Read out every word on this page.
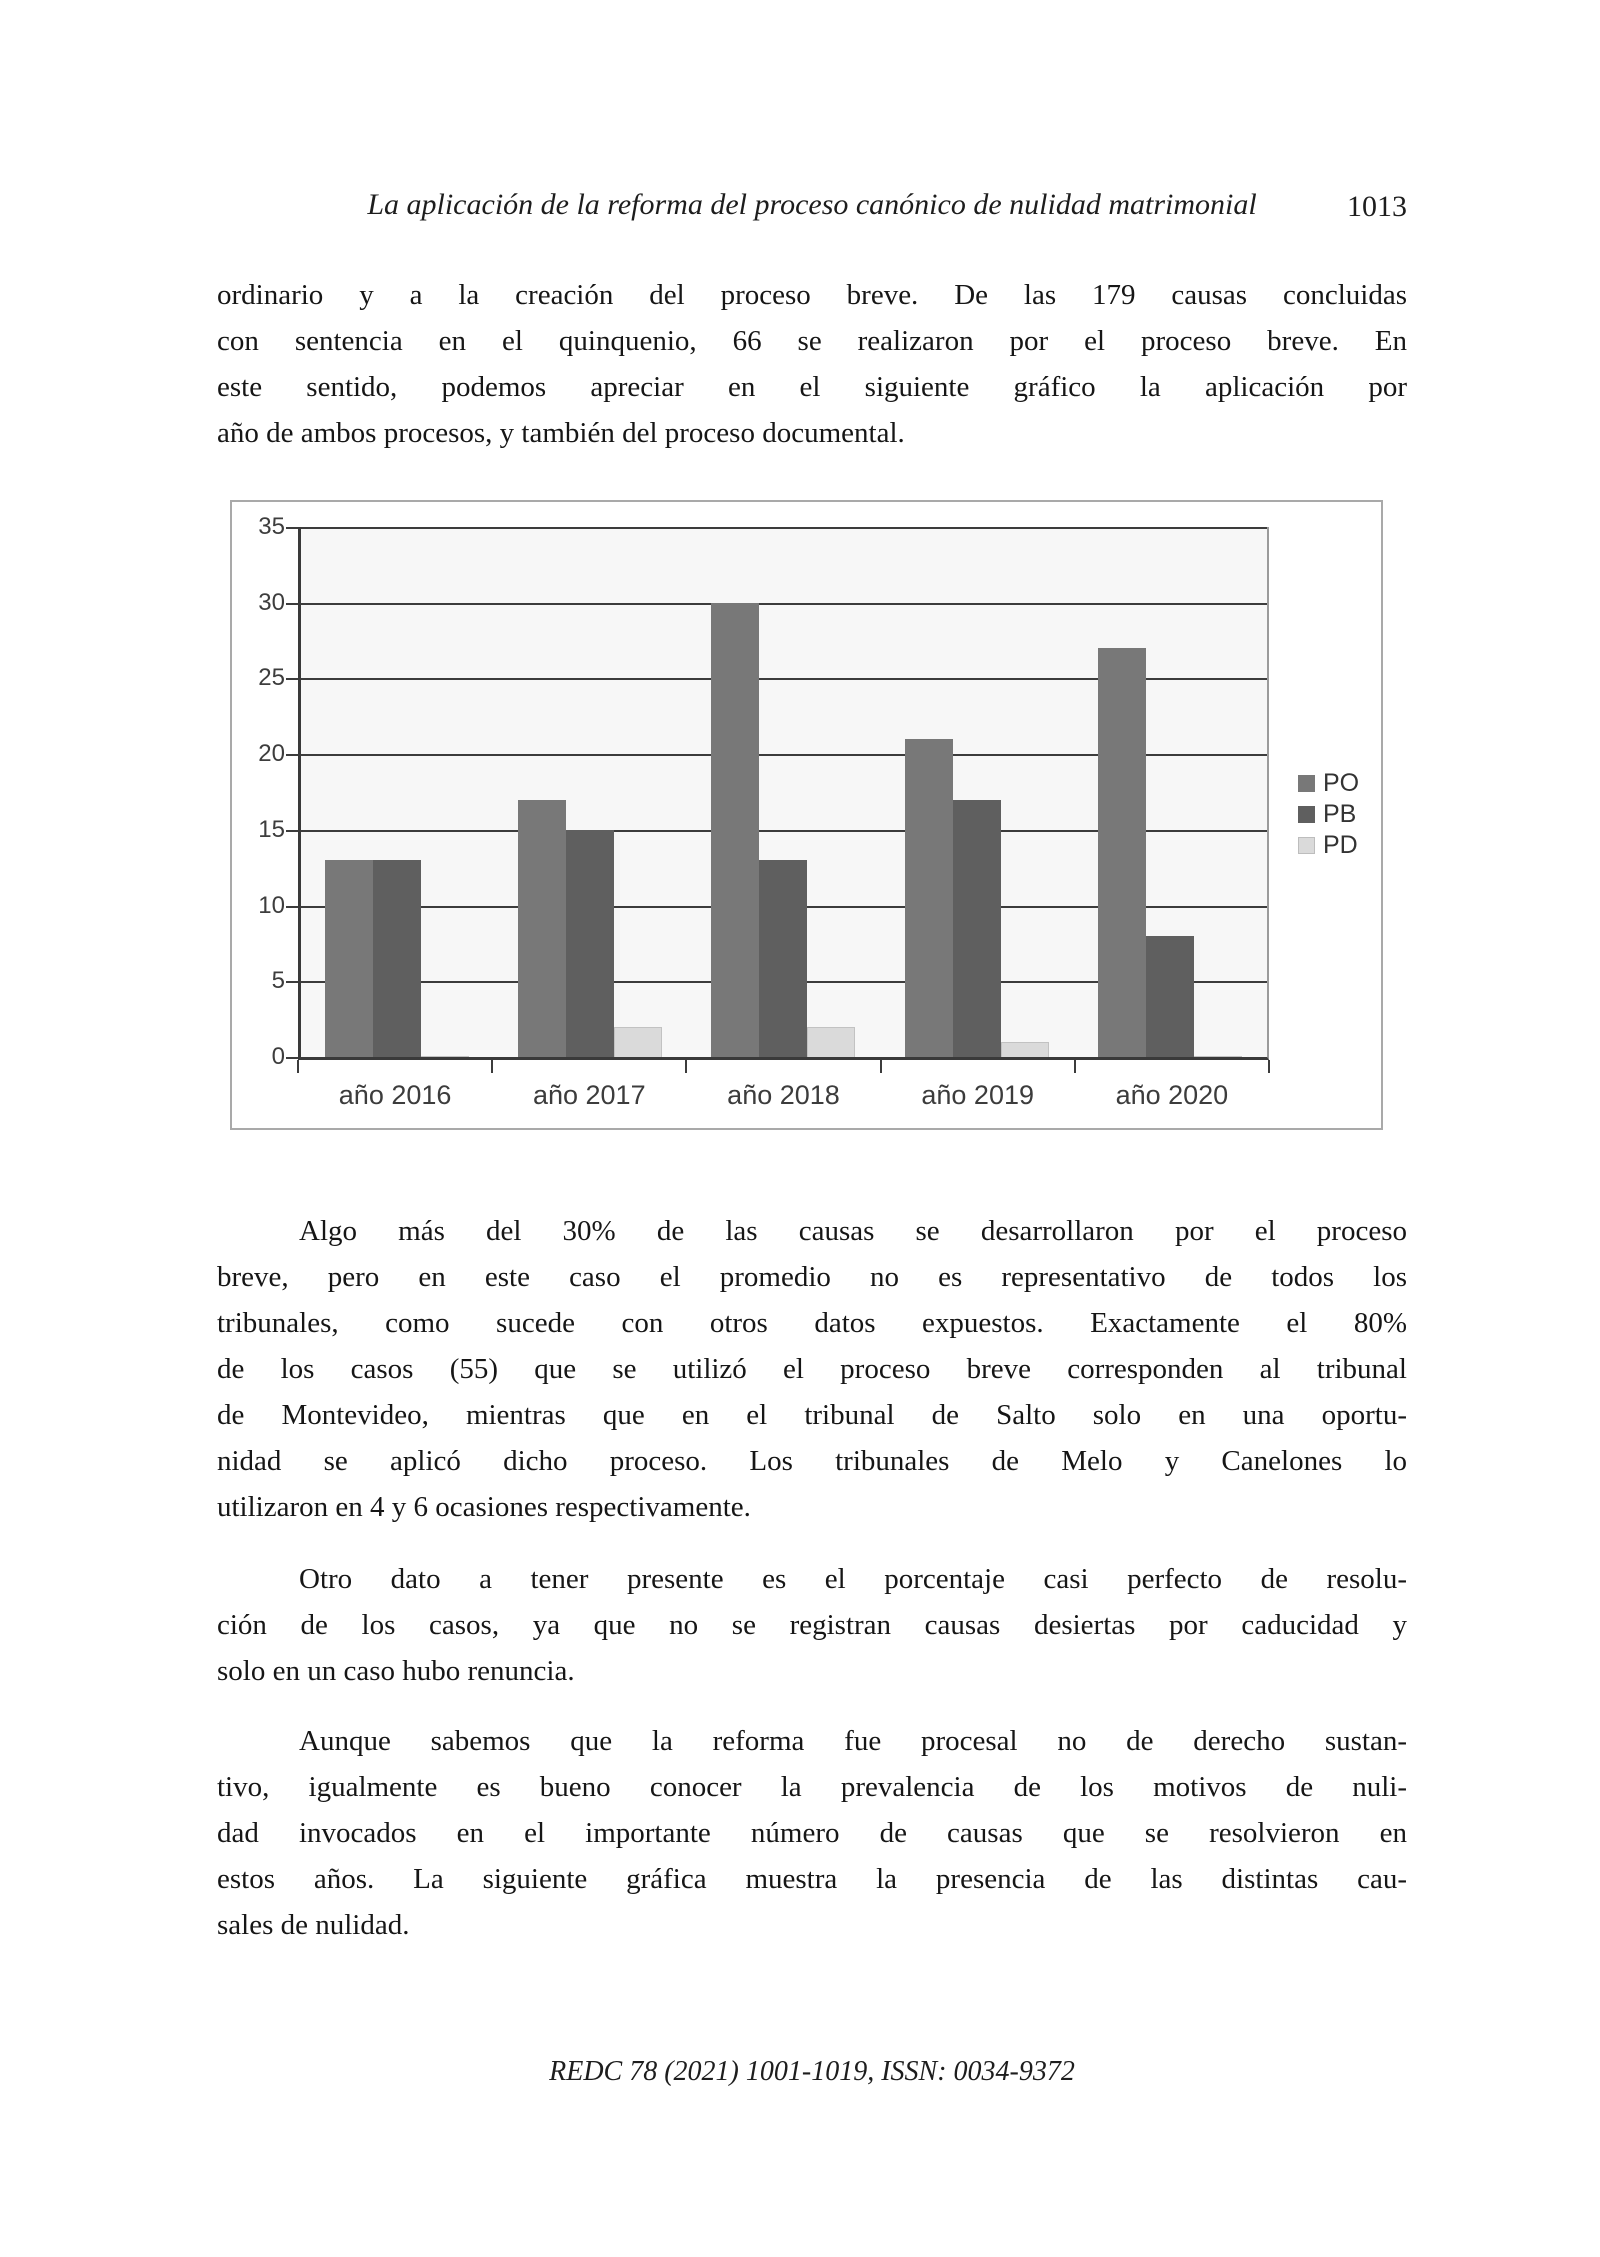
La aplicación de la reforma del proceso canónico de nulidad matrimonial	1013
ordinario y a la creación del proceso breve. De las 179 causas concluidas
con sentencia en el quinquenio, 66 se realizaron por el proceso breve. En
este sentido, podemos apreciar en el siguiente gráfico la aplicación por
año de ambos procesos, y también del proceso documental.
0
5
10
15
20
25
30
35
año 2016	año 2017	año 2018	año 2019	año 2020
PO
PB
PD
Algo más del 30% de las causas se desarrollaron por el proceso
breve, pero en este caso el promedio no es representativo de todos los
tribunales, como sucede con otros datos expuestos. Exactamente el 80%
de los casos (55) que se utilizó el proceso breve corresponden al tribunal
de Montevideo, mientras que en el tribunal de Salto solo en una oportu-
nidad se aplicó dicho proceso. Los tribunales de Melo y Canelones lo
utilizaron en 4 y 6 ocasiones respectivamente.
Otro dato a tener presente es el porcentaje casi perfecto de resolu-
ción de los casos, ya que no se registran causas desiertas por caducidad y
solo en un caso hubo renuncia.
Aunque sabemos que la reforma fue procesal no de derecho sustan-
tivo, igualmente es bueno conocer la prevalencia de los motivos de nuli-
dad invocados en el importante número de causas que se resolvieron en
estos años. La siguiente gráfica muestra la presencia de las distintas cau-
sales de nulidad.
REDC 78 (2021) 1001-1019, ISSN: 0034-9372
